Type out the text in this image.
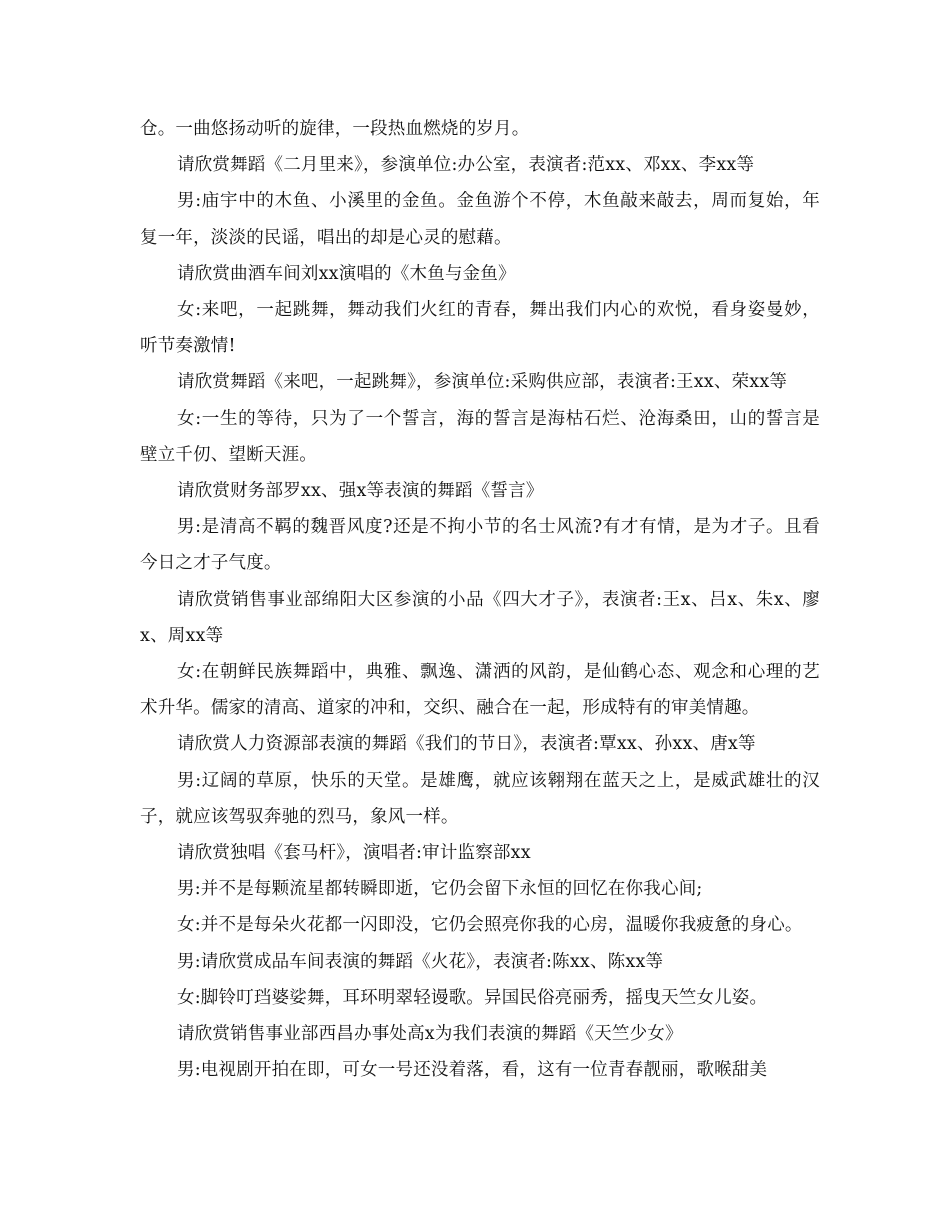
仓。一曲悠扬动听的旋律，一段热血燃烧的岁月。

请欣赏舞蹈《二月里来》，参演单位:办公室，表演者:范xx、邓xx、李xx等

男:庙宇中的木鱼、小溪里的金鱼。金鱼游个不停，木鱼敲来敲去，周而复始，年复一年，淡淡的民谣，唱出的却是心灵的慰藉。

请欣赏曲酒车间刘xx演唱的《木鱼与金鱼》

女:来吧，一起跳舞，舞动我们火红的青春，舞出我们内心的欢悦，看身姿曼妙，听节奏激情!

请欣赏舞蹈《来吧，一起跳舞》，参演单位:采购供应部，表演者:王xx、荣xx等

女:一生的等待，只为了一个誓言，海的誓言是海枯石烂、沧海桑田，山的誓言是壁立千仞、望断天涯。

请欣赏财务部罗xx、强x等表演的舞蹈《誓言》

男:是清高不羁的魏晋风度?还是不拘小节的名士风流?有才有情，是为才子。且看今日之才子气度。

请欣赏销售事业部绵阳大区参演的小品《四大才子》，表演者:王x、吕x、朱x、廖x、周xx等

女:在朝鲜民族舞蹈中，典雅、飘逸、潇洒的风韵，是仙鹤心态、观念和心理的艺术升华。儒家的清高、道家的冲和，交织、融合在一起，形成特有的审美情趣。

请欣赏人力资源部表演的舞蹈《我们的节日》，表演者:覃xx、孙xx、唐x等

男:辽阔的草原，快乐的天堂。是雄鹰，就应该翱翔在蓝天之上，是威武雄壮的汉子，就应该驾驭奔驰的烈马，象风一样。

请欣赏独唱《套马杆》，演唱者:审计监察部xx

男:并不是每颗流星都转瞬即逝，它仍会留下永恒的回忆在你我心间;

女:并不是每朵火花都一闪即没，它仍会照亮你我的心房，温暖你我疲惫的身心。

男:请欣赏成品车间表演的舞蹈《火花》，表演者:陈xx、陈xx等

女:脚铃叮珰婆娑舞，耳环明翠轻谩歌。异国民俗亮丽秀，摇曳天竺女儿姿。

请欣赏销售事业部西昌办事处高x为我们表演的舞蹈《天竺少女》

男:电视剧开拍在即，可女一号还没着落，看，这有一位青春靓丽，歌喉甜美
